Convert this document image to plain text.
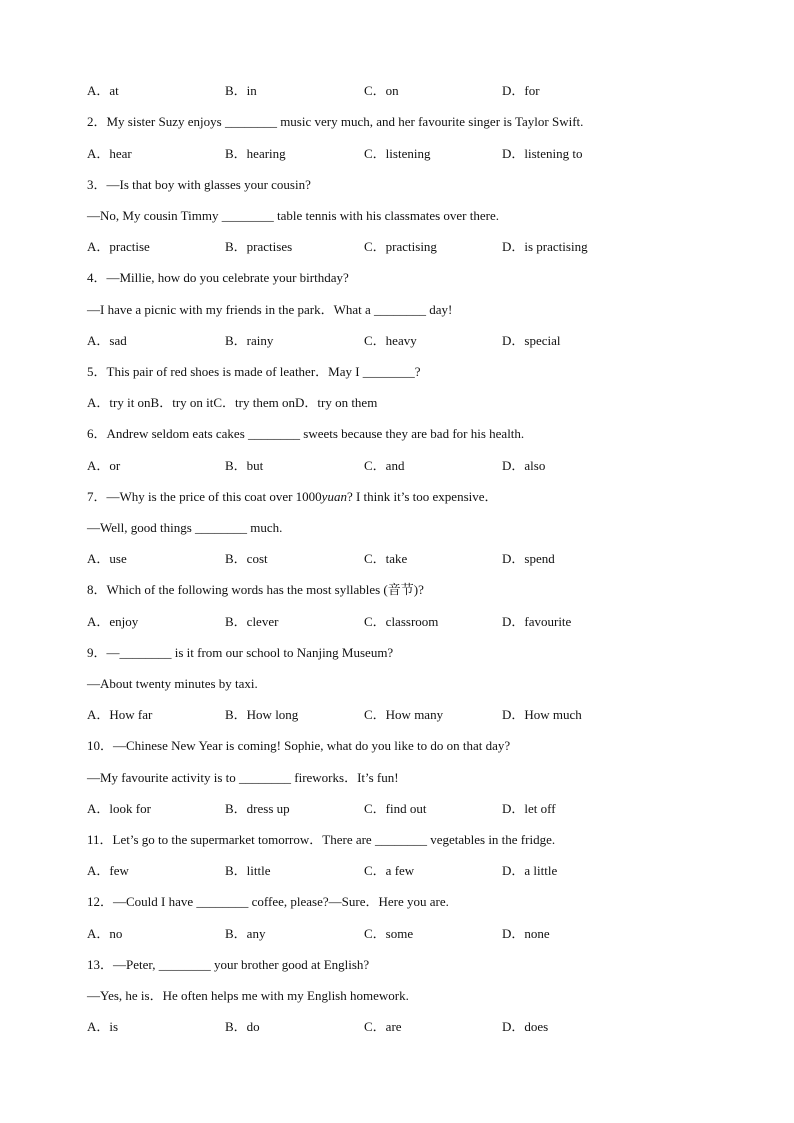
A．at	B．in	C．on	D．for
2．My sister Suzy enjoys ________ music very much, and her favourite singer is Taylor Swift.
A．hear	B．hearing	C．listening	D．listening to
3．—Is that boy with glasses your cousin?
—No, My cousin Timmy ________ table tennis with his classmates over there.
A．practise	B．practises	C．practising	D．is practising
4．—Millie, how do you celebrate your birthday?
—I have a picnic with my friends in the park．What a ________ day!
A．sad	B．rainy	C．heavy	D．special
5．This pair of red shoes is made of leather．May I ________?
A．try it onB．try on itC．try them onD．try on them
6．Andrew seldom eats cakes ________ sweets because they are bad for his health.
A．or	B．but	C．and	D．also
7．—Why is the price of this coat over 1000yuan? I think it’s too expensive．
—Well, good things ________ much.
A．use	B．cost	C．take	D．spend
8．Which of the following words has the most syllables (音节)?
A．enjoy	B．clever	C．classroom	D．favourite
9．—________ is it from our school to Nanjing Museum?
—About twenty minutes by taxi.
A．How far	B．How long	C．How many	D．How much
10．—Chinese New Year is coming! Sophie, what do you like to do on that day?
—My favourite activity is to ________ fireworks．It’s fun!
A．look for	B．dress up	C．find out	D．let off
11．Let’s go to the supermarket tomorrow．There are ________ vegetables in the fridge.
A．few	B．little	C．a few	D．a little
12．—Could I have ________ coffee, please?—Sure．Here you are.
A．no	B．any	C．some	D．none
13．—Peter, ________ your brother good at English?
—Yes, he is．He often helps me with my English homework.
A．is	B．do	C．are	D．does
